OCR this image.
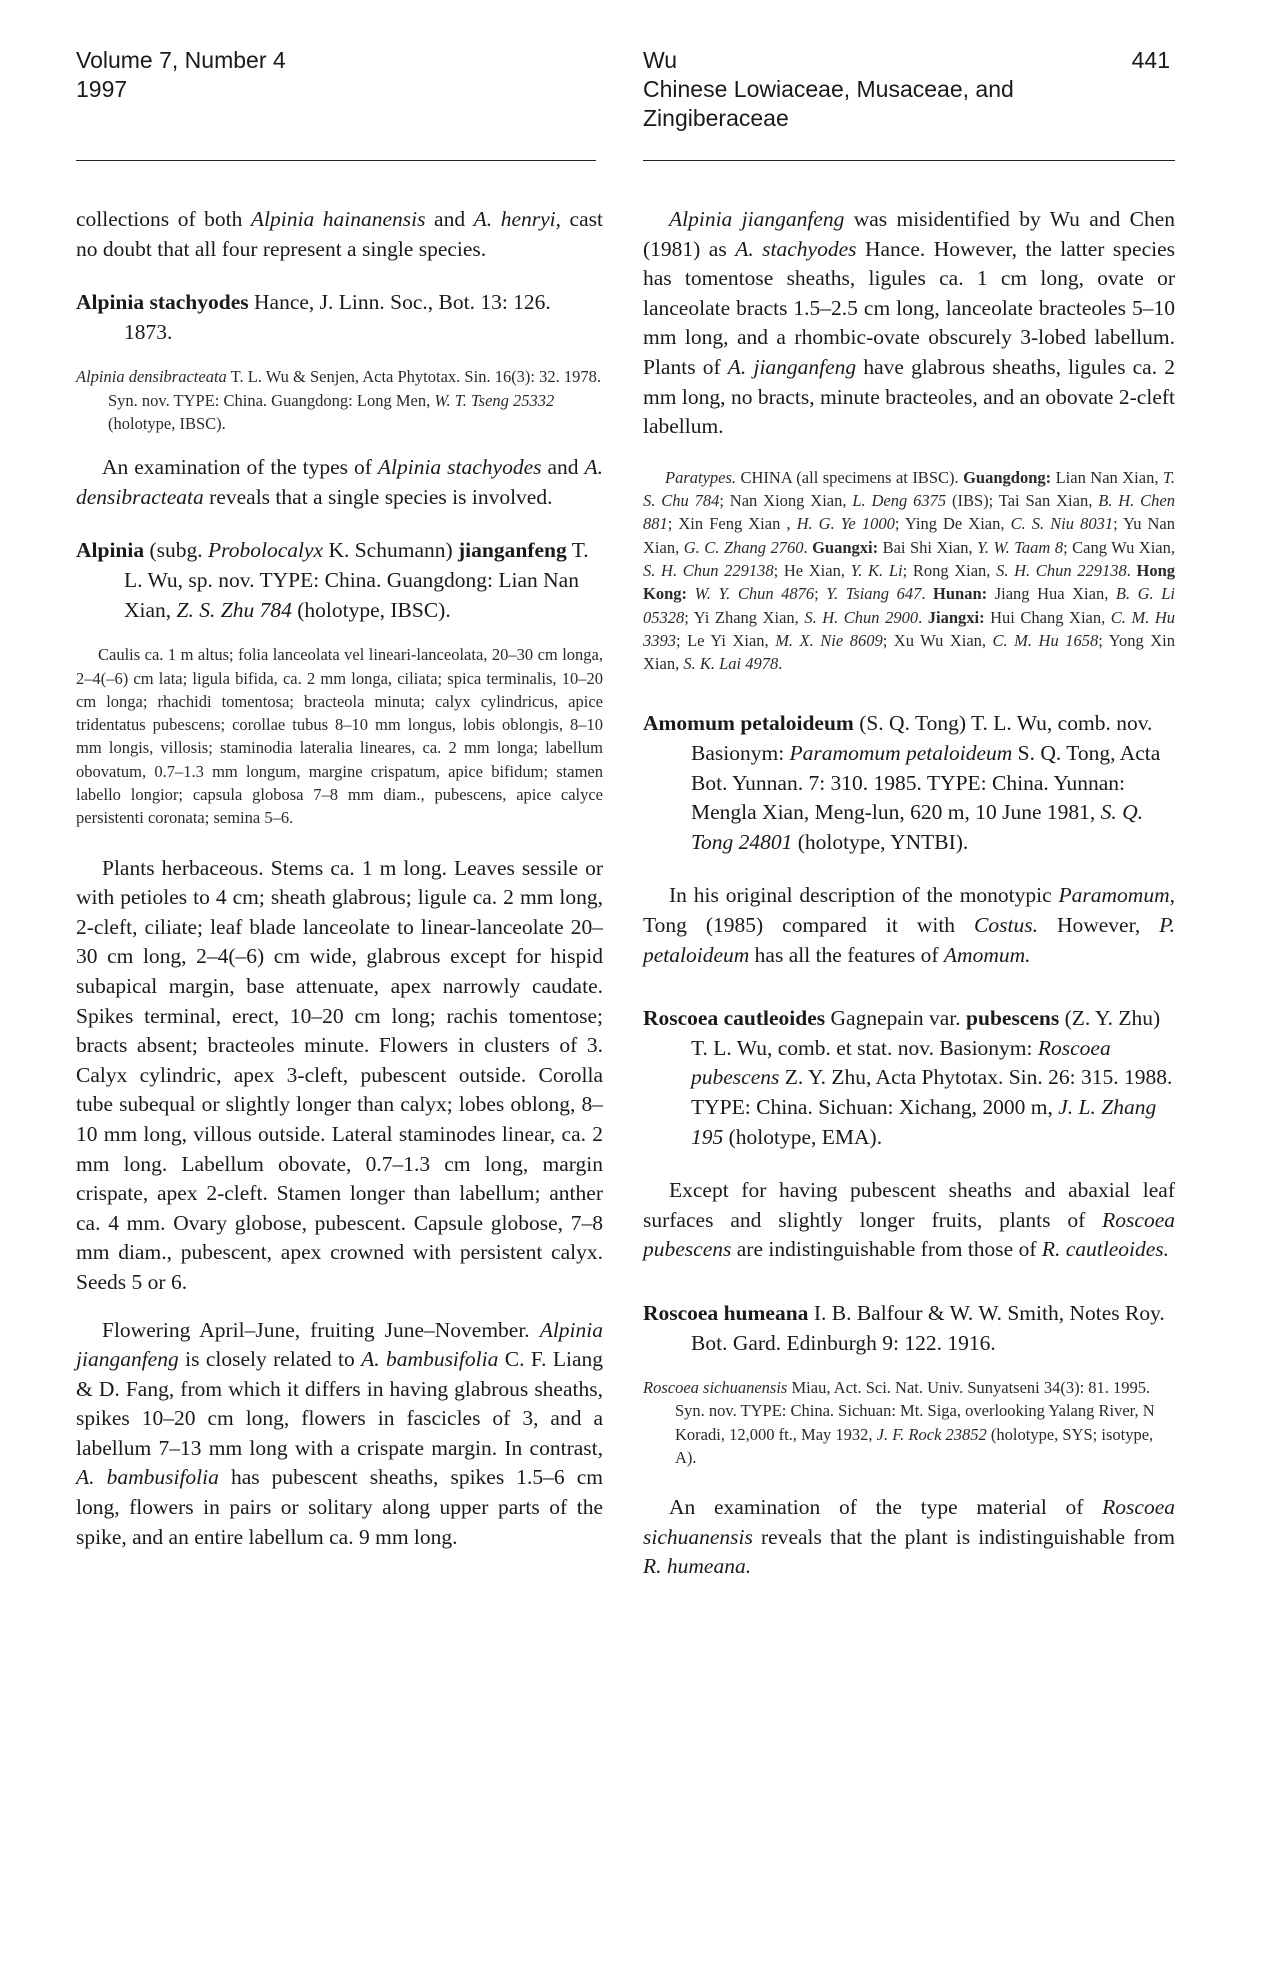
Volume 7, Number 4
1997
Wu
Chinese Lowiaceae, Musaceae, and
Zingiberaceae
441

collections of both Alpinia hainanensis and A. henryi, cast no doubt that all four represent a single species.

Alpinia stachyodes Hance, J. Linn. Soc., Bot. 13: 126. 1873.

Alpinia densibracteata T. L. Wu & Senjen, Acta Phytotax. Sin. 16(3): 32. 1978. Syn. nov. TYPE: China. Guangdong: Long Men, W. T. Tseng 25332 (holotype, IBSC).

An examination of the types of Alpinia stachyodes and A. densibracteata reveals that a single species is involved.

Alpinia (subg. Probolocalyx K. Schumann) jianganfeng T. L. Wu, sp. nov. TYPE: China. Guangdong: Lian Nan Xian, Z. S. Zhu 784 (holotype, IBSC).

Caulis ca. 1 m altus; folia lanceolata vel lineari-lanceolata, 20–30 cm longa, 2–4(–6) cm lata; ligula bifida, ca. 2 mm longa, ciliata; spica terminalis, 10–20 cm longa; rhachidi tomentosa; bracteola minuta; calyx cylindricus, apice tridentatus pubescens; corollae tubus 8–10 mm longus, lobis oblongis, 8–10 mm longis, villosis; staminodia lateralia lineares, ca. 2 mm longa; labellum obovatum, 0.7–1.3 mm longum, margine crispatum, apice bifidum; stamen labello longior; capsula globosa 7–8 mm diam., pubescens, apice calyce persistenti coronata; semina 5–6.

Plants herbaceous. Stems ca. 1 m long. Leaves sessile or with petioles to 4 cm; sheath glabrous; ligule ca. 2 mm long, 2-cleft, ciliate; leaf blade lanceolate to linear-lanceolate 20–30 cm long, 2–4(–6) cm wide, glabrous except for hispid subapical margin, base attenuate, apex narrowly caudate. Spikes terminal, erect, 10–20 cm long; rachis tomentose; bracts absent; bracteoles minute. Flowers in clusters of 3. Calyx cylindric, apex 3-cleft, pubescent outside. Corolla tube subequal or slightly longer than calyx; lobes oblong, 8–10 mm long, villous outside. Lateral staminodes linear, ca. 2 mm long. Labellum obovate, 0.7–1.3 cm long, margin crispate, apex 2-cleft. Stamen longer than labellum; anther ca. 4 mm. Ovary globose, pubescent. Capsule globose, 7–8 mm diam., pubescent, apex crowned with persistent calyx. Seeds 5 or 6.

Flowering April–June, fruiting June–November. Alpinia jianganfeng is closely related to A. bambusifolia C. F. Liang & D. Fang, from which it differs in having glabrous sheaths, spikes 10–20 cm long, flowers in fascicles of 3, and a labellum 7–13 mm long with a crispate margin. In contrast, A. bambusifolia has pubescent sheaths, spikes 1.5–6 cm long, flowers in pairs or solitary along upper parts of the spike, and an entire labellum ca. 9 mm long.

Alpinia jianganfeng was misidentified by Wu and Chen (1981) as A. stachyodes Hance. However, the latter species has tomentose sheaths, ligules ca. 1 cm long, ovate or lanceolate bracts 1.5–2.5 cm long, lanceolate bracteoles 5–10 mm long, and a rhombic-ovate obscurely 3-lobed labellum. Plants of A. jianganfeng have glabrous sheaths, ligules ca. 2 mm long, no bracts, minute bracteoles, and an obovate 2-cleft labellum.

Paratypes. CHINA (all specimens at IBSC). Guangdong: Lian Nan Xian, T. S. Chu 784; Nan Xiong Xian, L. Deng 6375 (IBS); Tai San Xian, B. H. Chen 881; Xin Feng Xian , H. G. Ye 1000; Ying De Xian, C. S. Niu 8031; Yu Nan Xian, G. C. Zhang 2760. Guangxi: Bai Shi Xian, Y. W. Taam 8; Cang Wu Xian, S. H. Chun 229138; He Xian, Y. K. Li; Rong Xian, S. H. Chun 229138. Hong Kong: W. Y. Chun 4876; Y. Tsiang 647. Hunan: Jiang Hua Xian, B. G. Li 05328; Yi Zhang Xian, S. H. Chun 2900. Jiangxi: Hui Chang Xian, C. M. Hu 3393; Le Yi Xian, M. X. Nie 8609; Xu Wu Xian, C. M. Hu 1658; Yong Xin Xian, S. K. Lai 4978.

Amomum petaloideum (S. Q. Tong) T. L. Wu, comb. nov. Basionym: Paramomum petaloideum S. Q. Tong, Acta Bot. Yunnan. 7: 310. 1985. TYPE: China. Yunnan: Mengla Xian, Meng-lun, 620 m, 10 June 1981, S. Q. Tong 24801 (holotype, YNTBI).

In his original description of the monotypic Paramomum, Tong (1985) compared it with Costus. However, P. petaloideum has all the features of Amomum.

Roscoea cautleoides Gagnepain var. pubescens (Z. Y. Zhu) T. L. Wu, comb. et stat. nov. Basionym: Roscoea pubescens Z. Y. Zhu, Acta Phytotax. Sin. 26: 315. 1988. TYPE: China. Sichuan: Xichang, 2000 m, J. L. Zhang 195 (holotype, EMA).

Except for having pubescent sheaths and abaxial leaf surfaces and slightly longer fruits, plants of Roscoea pubescens are indistinguishable from those of R. cautleoides.

Roscoea humeana I. B. Balfour & W. W. Smith, Notes Roy. Bot. Gard. Edinburgh 9: 122. 1916.

Roscoea sichuanensis Miau, Act. Sci. Nat. Univ. Sunyatseni 34(3): 81. 1995. Syn. nov. TYPE: China. Sichuan: Mt. Siga, overlooking Yalang River, N Koradi, 12,000 ft., May 1932, J. F. Rock 23852 (holotype, SYS; isotype, A).

An examination of the type material of Roscoea sichuanensis reveals that the plant is indistinguishable from R. humeana.
